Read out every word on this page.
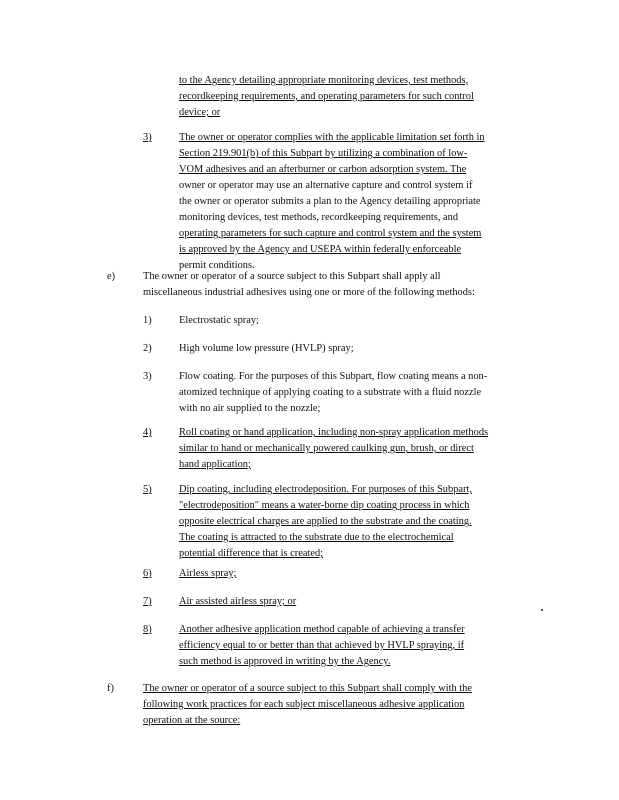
to the Agency detailing appropriate monitoring devices, test methods,
recordkeeping requirements, and operating parameters for such control
device; or
3)	The owner or operator complies with the applicable limitation set forth in
Section 219.901(b) of this Subpart by utilizing a combination of low-
VOM adhesives and an afterburner or carbon adsorption system. The
owner or operator may use an alternative capture and control system if
the owner or operator submits a plan to the Agency detailing appropriate
monitoring devices, test methods, recordkeeping requirements, and
operating parameters for such capture and control system and the system
is approved by the Agency and USEPA within federally enforceable
permit conditions.
e)	The owner or operator of a source subject to this Subpart shall apply all
miscellaneous industrial adhesives using one or more of the following methods:
1)	Electrostatic spray;
2)	High volume low pressure (HVLP) spray;
3)	Flow coating. For the purposes of this Subpart, flow coating means a non-
atomized technique of applying coating to a substrate with a fluid nozzle
with no air supplied to the nozzle;
4)	Roll coating or hand application, including non-spray application methods
similar to hand or mechanically powered caulking gun, brush, or direct
hand application;
5)	Dip coating, including electrodeposition. For purposes of this Subpart,
"electrodeposition" means a water-borne dip coating process in which
opposite electrical charges are applied to the substrate and the coating.
The coating is attracted to the substrate due to the electrochemical
potential difference that is created;
6)	Airless spray;
7)	Air assisted airless spray; or
8)	Another adhesive application method capable of achieving a transfer
efficiency equal to or better than that achieved by HVLP spraying, if
such method is approved in writing by the Agency.
f)	The owner or operator of a source subject to this Subpart shall comply with the
following work practices for each subject miscellaneous adhesive application
operation at the source:
